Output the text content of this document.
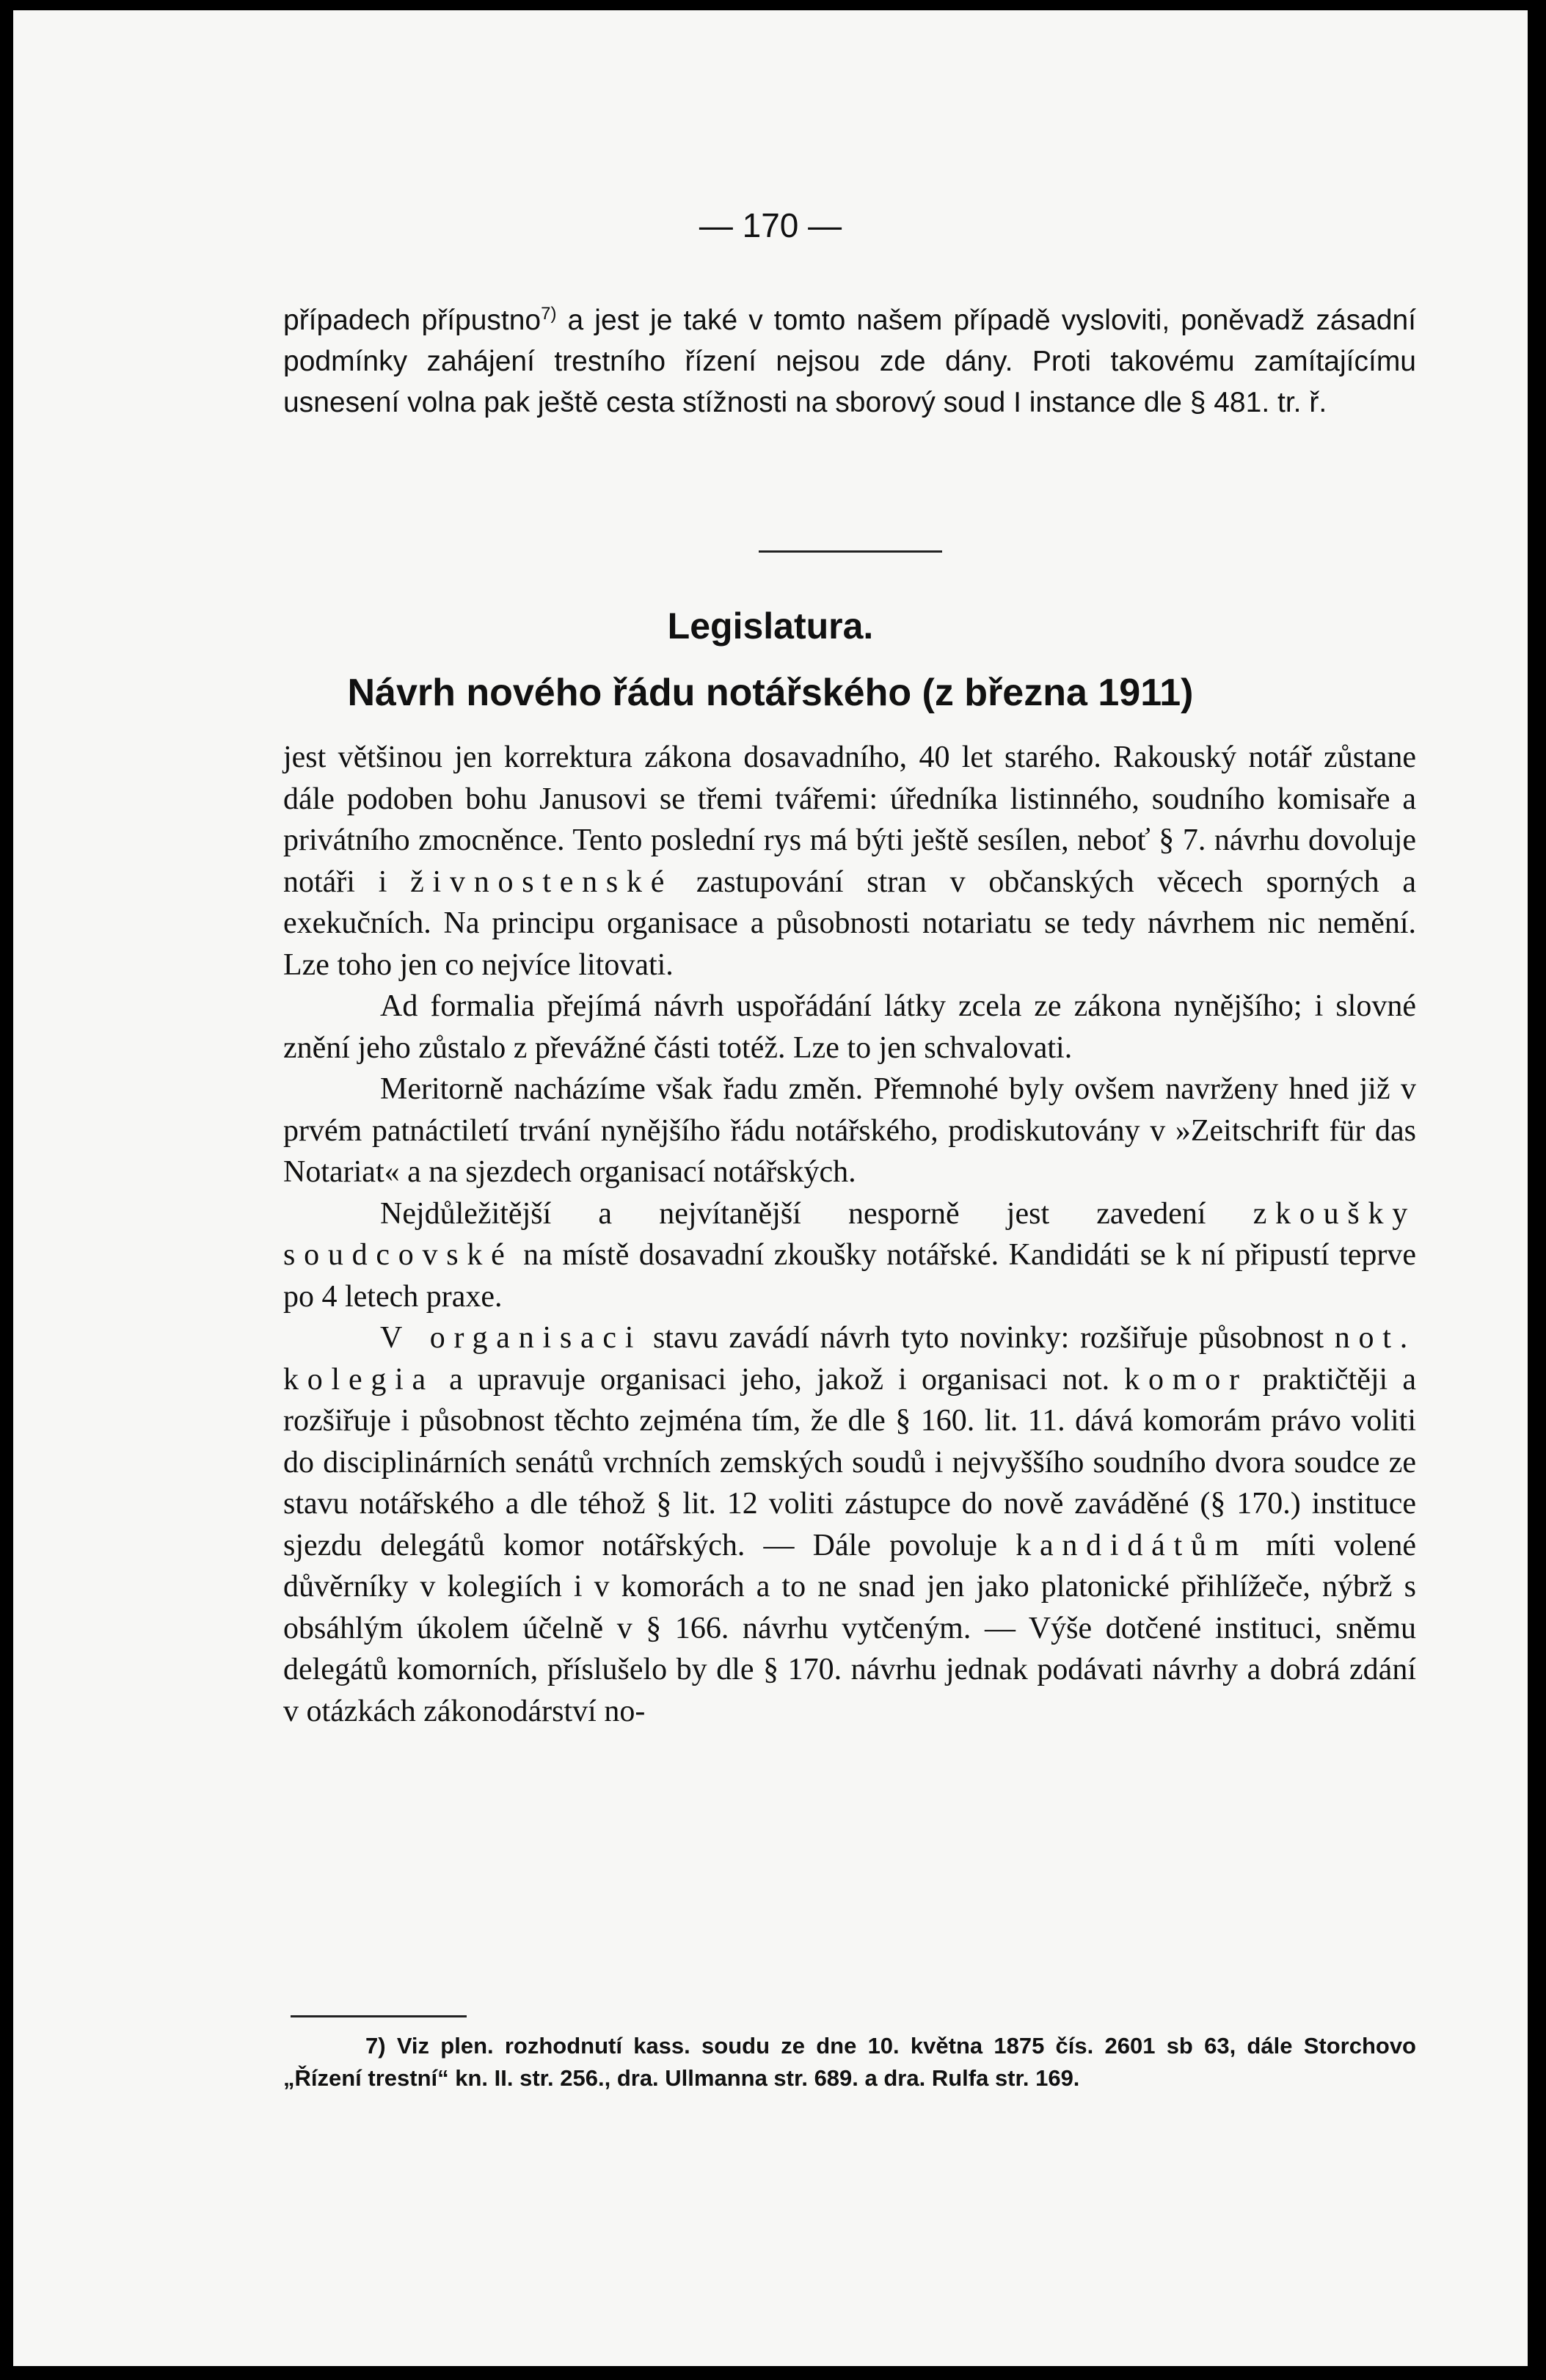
— 170 —
případech přípustno$^{7)}$ a jest je také v tomto našem případě vysloviti, poněvadž zásadní podmínky zahájení trestního řízení nejsou zde dány. Proti takovému zamítajícímu usnesení volna pak ještě cesta stížnosti na sborový soud I instance dle § 481. tr. ř.
Legislatura.
Návrh nového řádu notářského (z března 1911)

jest většinou jen korrektura zákona dosavadního, 40 let starého. Rakouský notář zůstane dále podoben bohu Janusovi se třemi tvářemi: úředníka listinného, soudního komisaře a privátního zmocněnce. Tento poslední rys má býti ještě sesílen, neboť § 7. návrhu dovoluje notáři i živnostenské zastupování stran v občanských věcech sporných a exekučních. Na principu organisace a působnosti notariatu se tedy návrhem nic nemění. Lze toho jen co nejvíce litovati.

Ad formalia přejímá návrh uspořádání látky zcela ze zákona nynějšího; i slovné znění jeho zůstalo z převážné části totéž. Lze to jen schvalovati.

Meritorně nacházíme však řadu změn. Přemnohé byly ovšem navrženy hned již v prvém patnáctiletí trvání nynějšího řádu notářského, prodiskutovány v »Zeitschrift für das Notariat« a na sjezdech organisací notářských.

Nejdůležitější a nejvítanější nesporně jest zavedení zkoušky soudcovské na místě dosavadní zkoušky notářské. Kandidáti se k ní připustí teprve po 4 letech praxe.

V organisaci stavu zavádí návrh tyto novinky: rozšiřuje působnost not. kolegia a upravuje organisaci jeho, jakož i organisaci not. komor praktičtěji a rozšiřuje i působnost těchto zejména tím, že dle § 160. lit. 11. dává komorám právo voliti do disciplinárních senátů vrchních zemských soudů i nejvyššího soudního dvora soudce ze stavu notářského a dle téhož § lit. 12 voliti zástupce do nově zaváděné (§ 170.) instituce sjezdu delegátů komor notářských. — Dále povoluje kandidátům míti volené důvěrníky v kolegiích i v komorách a to ne snad jen jako platonické přihlížeče, nýbrž s obsáhlým úkolem účelně v § 166. návrhu vytčeným. — Výše dotčené instituci, sněmu delegátů komorních, příslušelo by dle § 170. návrhu jednak podávati návrhy a dobrá zdání v otázkách zákonodárství no-

7) Viz plen. rozhodnutí kass. soudu ze dne 10. května 1875 čís. 2601 sb 63, dále Storchovo „Řízení trestní“ kn. II. str. 256., dra. Ullmanna str. 689. a dra. Rulfa str. 169.
